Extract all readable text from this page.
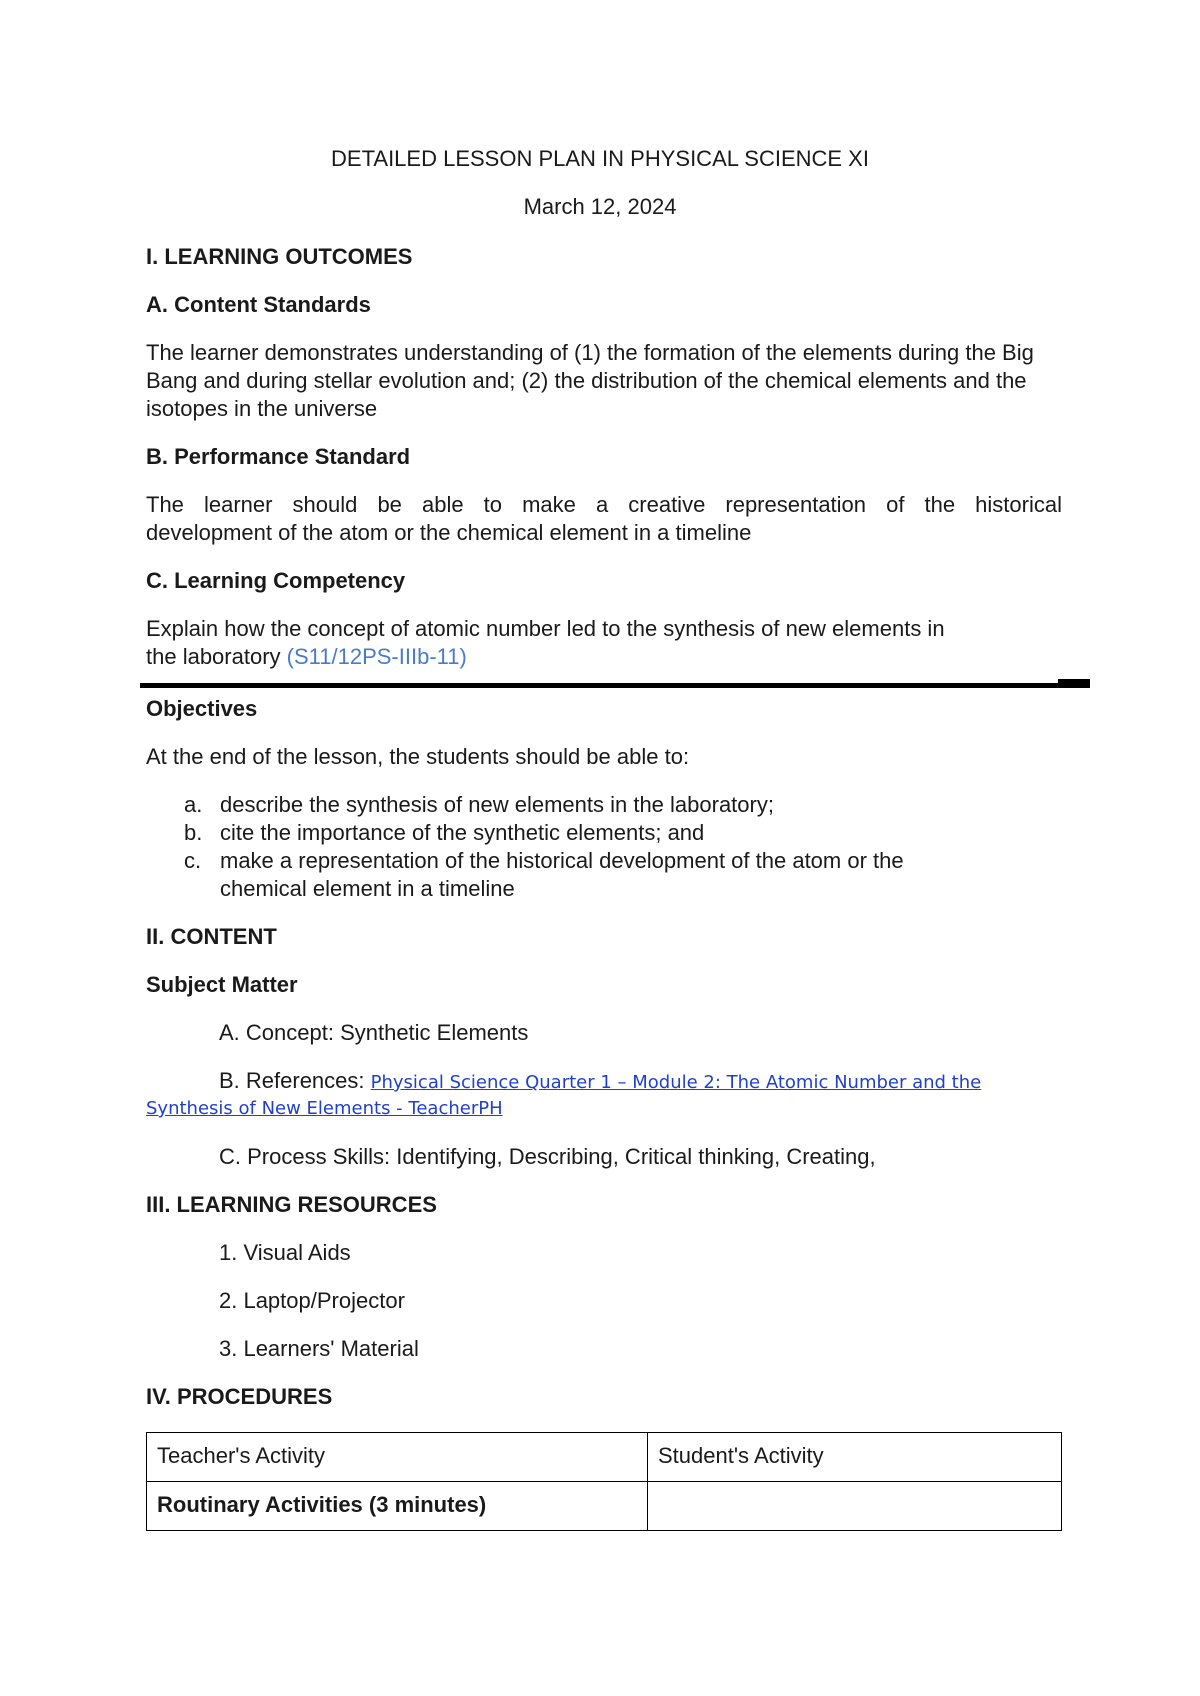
DETAILED LESSON PLAN IN PHYSICAL SCIENCE XI
March 12, 2024
I. LEARNING OUTCOMES
A. Content Standards
The learner demonstrates understanding of (1) the formation of the elements during the Big Bang and during stellar evolution and; (2) the distribution of the chemical elements and the isotopes in the universe
B. Performance Standard
The learner should be able to make a creative representation of the historical
development of the atom or the chemical element in a timeline
C. Learning Competency
Explain how the concept of atomic number led to the synthesis of new elements in
the laboratory (S11/12PS-IIIb-11)
Objectives
At the end of the lesson, the students should be able to:
a. describe the synthesis of new elements in the laboratory;
b. cite the importance of the synthetic elements; and
c. make a representation of the historical development of the atom or the chemical element in a timeline
II. CONTENT
Subject Matter
A. Concept: Synthetic Elements
B. References: Physical Science Quarter 1 – Module 2: The Atomic Number and the
Synthesis of New Elements - TeacherPH
C. Process Skills: Identifying, Describing, Critical thinking, Creating,
III. LEARNING RESOURCES
1. Visual Aids
2. Laptop/Projector
3. Learners' Material
IV. PROCEDURES
Teacher's Activity	Student's Activity
Routinary Activities (3 minutes)	
